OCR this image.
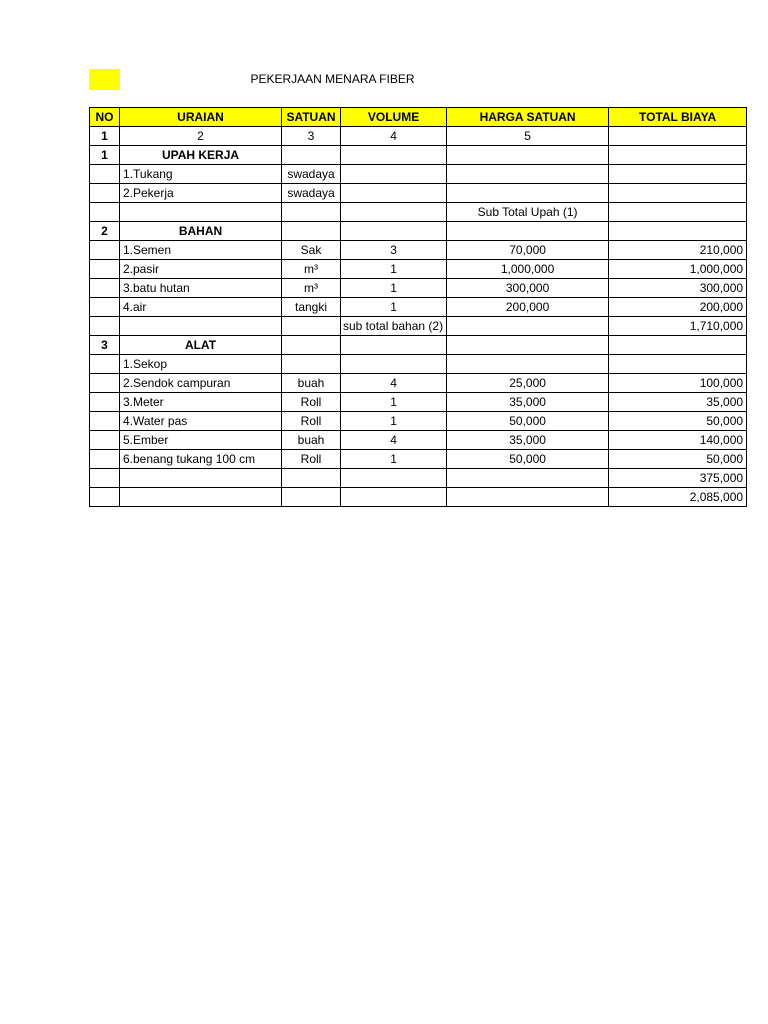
PEKERJAAN MENARA FIBER
NO	URAIAN	SATUAN	VOLUME	HARGA SATUAN	TOTAL BIAYA
1	2	3	4	5	
1	UPAH KERJA				
	1.Tukang	swadaya			
	2.Pekerja	swadaya			
				Sub Total Upah (1)	
2	BAHAN				
	1.Semen	Sak	3	70,000	210,000
	2.pasir	m³	1	1,000,000	1,000,000
	3.batu hutan	m³	1	300,000	300,000
	4.air	tangki	1	200,000	200,000
			sub total bahan (2)		1,710,000
3	ALAT				
	1.Sekop				
	2.Sendok campuran	buah	4	25,000	100,000
	3.Meter	Roll	1	35,000	35,000
	4.Water pas	Roll	1	50,000	50,000
	5.Ember	buah	4	35,000	140,000
	6.benang tukang 100 cm	Roll	1	50,000	50,000
					375,000
					2,085,000
